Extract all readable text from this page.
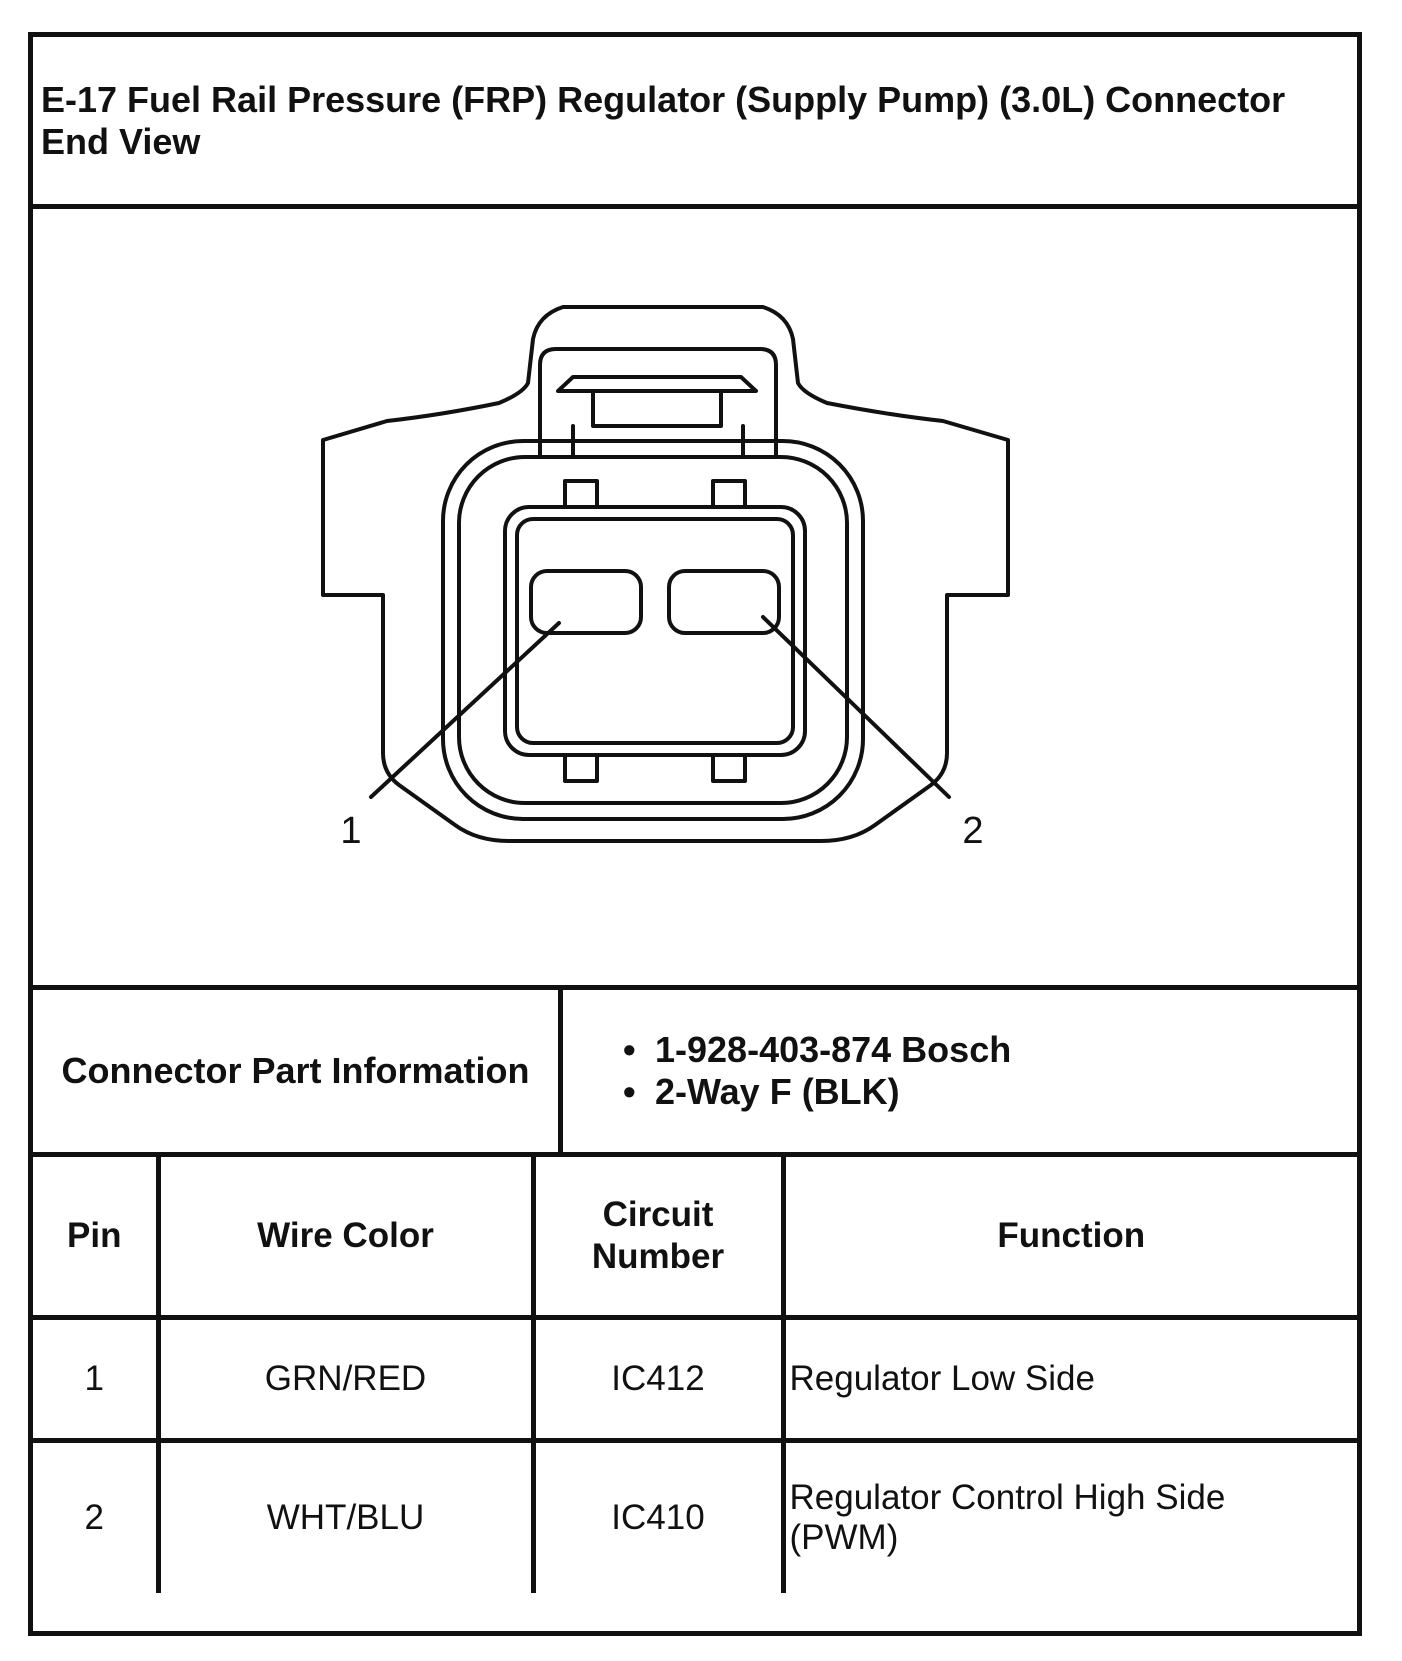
E-17 Fuel Rail Pressure (FRP) Regulator (Supply Pump) (3.0L) Connector End View
1	2
Connector Part Information
• 1-928-403-874 Bosch
• 2-Way F (BLK)
Pin	Wire Color	Circuit Number	Function
1	GRN/RED	IC412	Regulator Low Side
2	WHT/BLU	IC410	Regulator Control High Side (PWM)
